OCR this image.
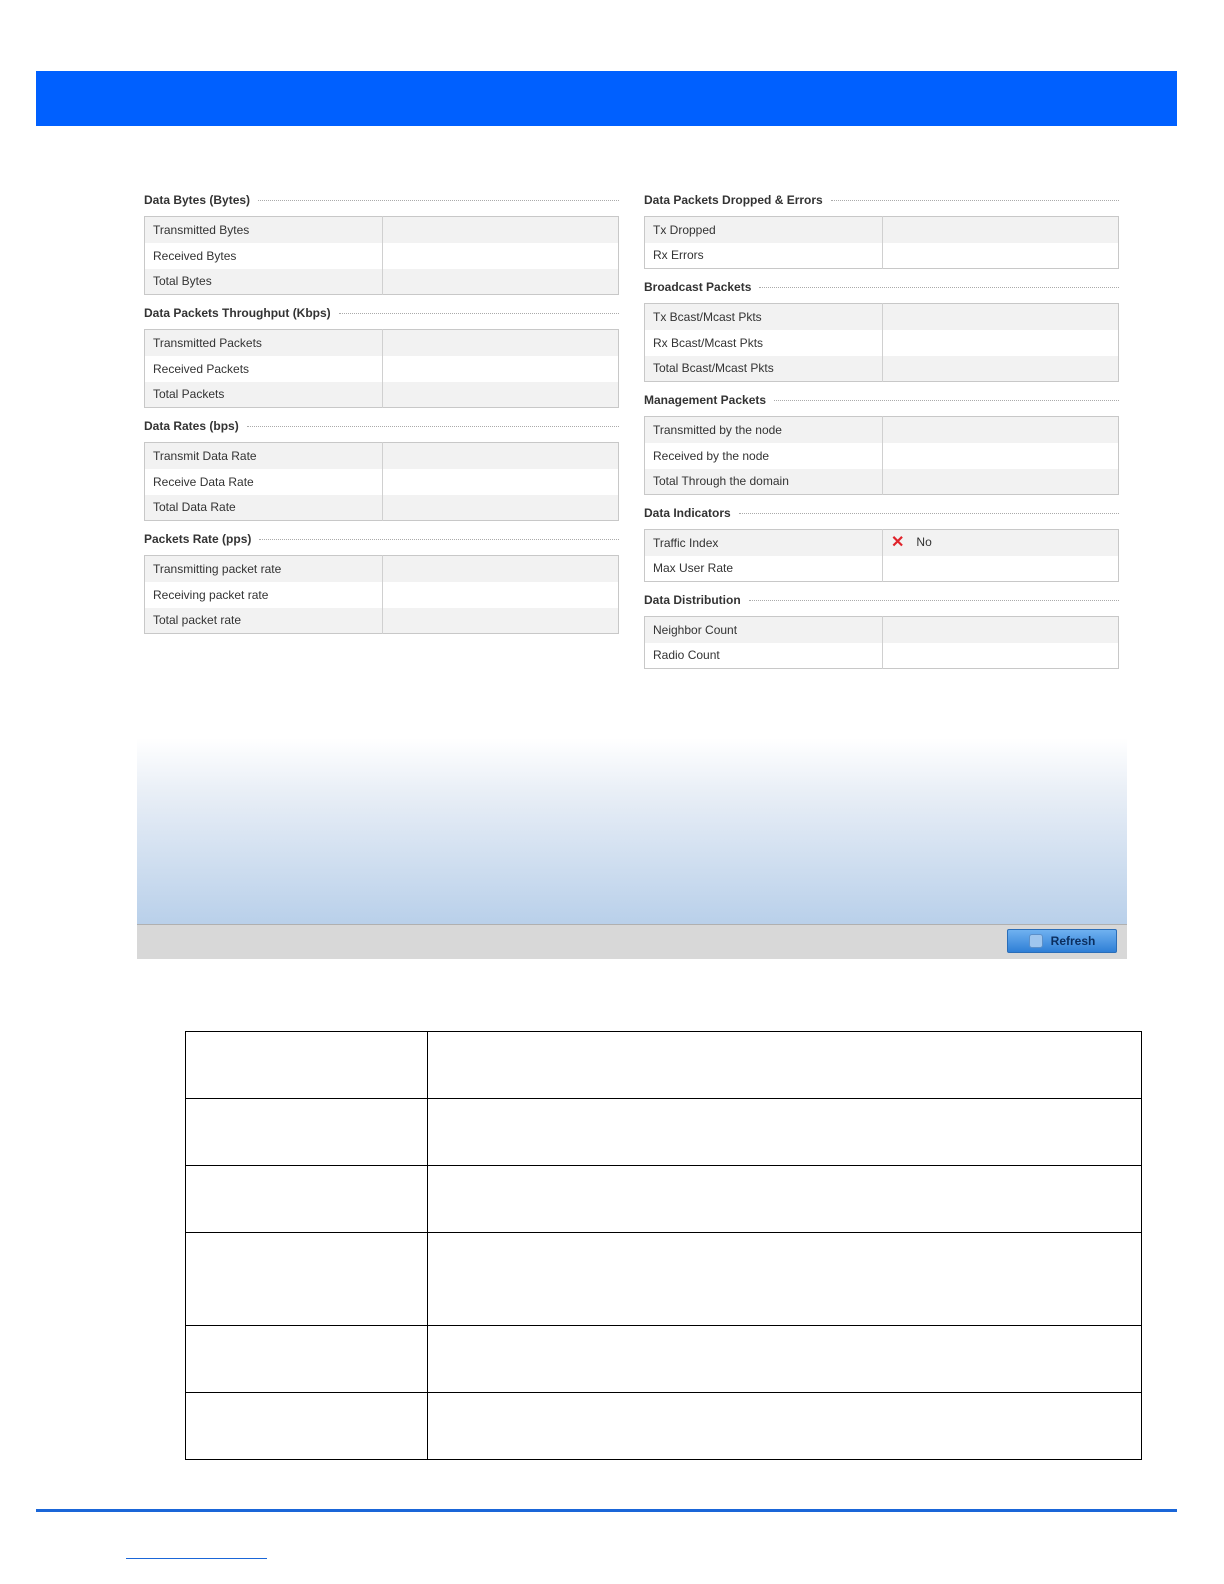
Data Bytes (Bytes)
Transmitted Bytes	
Received Bytes	
Total Bytes	
Data Packets Throughput (Kbps)
Transmitted Packets	
Received Packets	
Total Packets	
Data Rates (bps)
Transmit Data Rate	
Receive Data Rate	
Total Data Rate	
Packets Rate (pps)
Transmitting packet rate	
Receiving packet rate	
Total packet rate	
Data Packets Dropped & Errors
Tx Dropped	
Rx Errors	
Broadcast Packets
Tx Bcast/Mcast Pkts	
Rx Bcast/Mcast Pkts	
Total Bcast/Mcast Pkts	
Management Packets
Transmitted by the node	
Received by the node	
Total Through the domain	
Data Indicators
Traffic Index	✕ No
Max User Rate	
Data Distribution
Neighbor Count	
Radio Count	
Refresh
